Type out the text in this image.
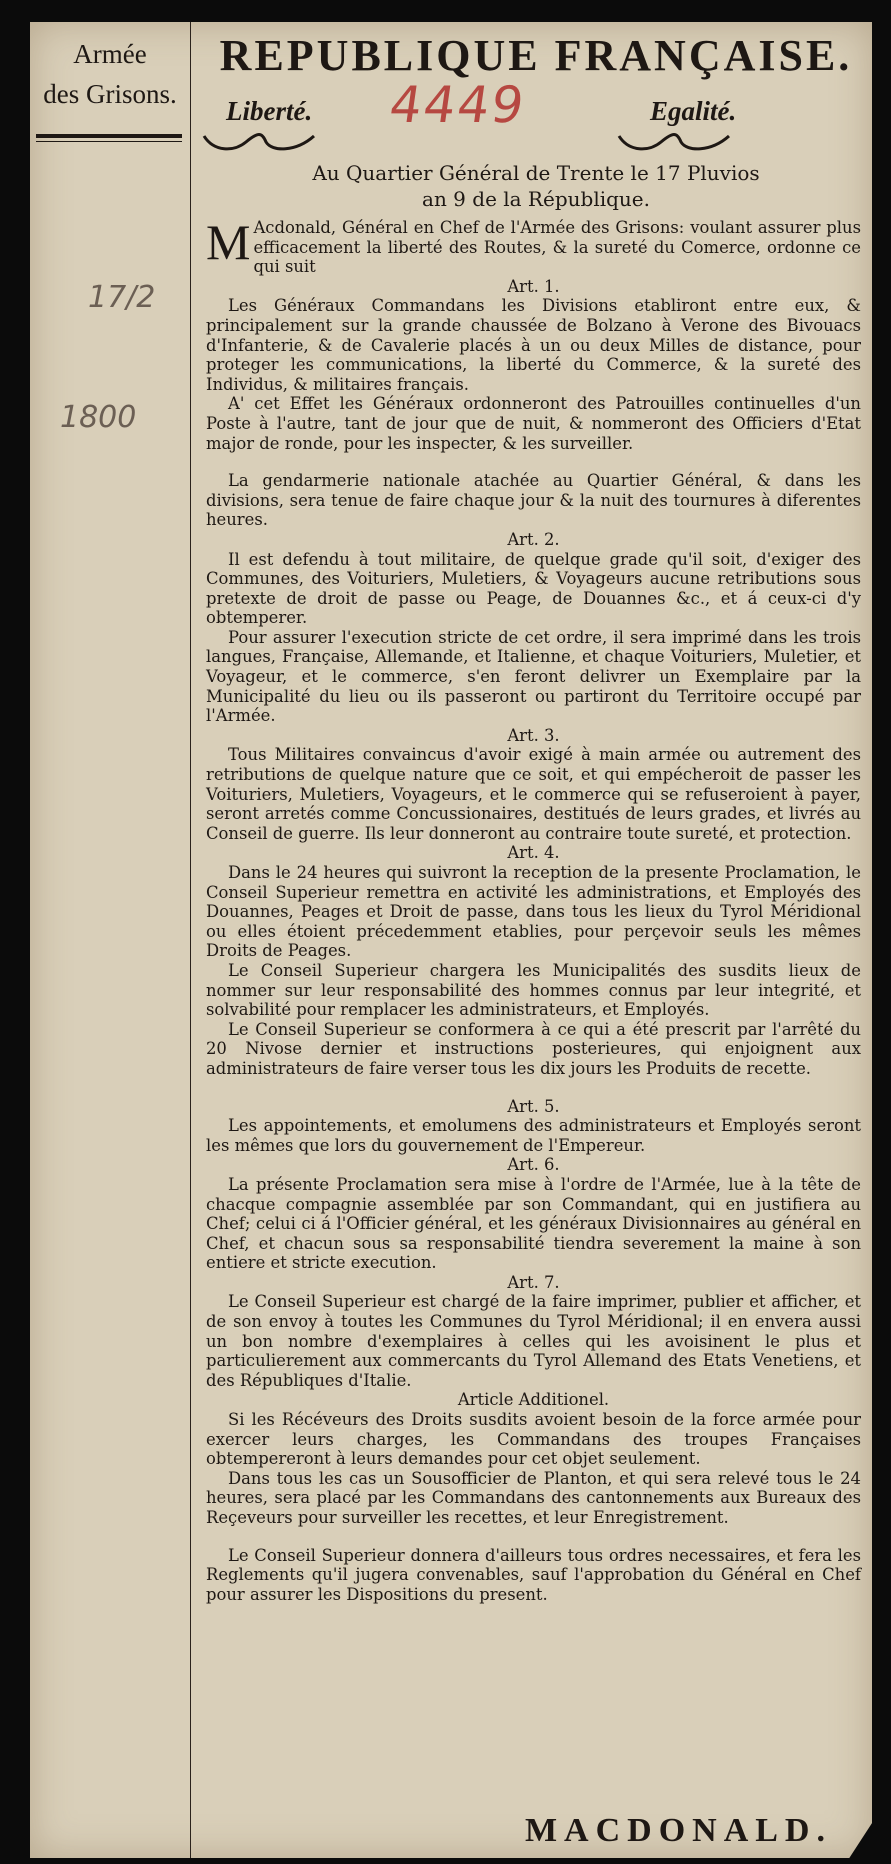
Armée
des Grisons.
17/2
1800
REPUBLIQUE FRANÇAISE.
Liberté.	Egalité.
4449
Au Quartier Général de Trente le 17 Pluvios
an 9 de la République.

M Acdonald, Général en Chef de l'Armée des Grisons: voulant assurer plus efficacement la liberté des Routes, & la sureté du Comerce, ordonne ce qui suit

Art. 1.

Les Généraux Commandans les Divisions etabliront entre eux, & principalement sur la grande chaussée de Bolzano à Verone des Bivouacs d'Infanterie, & de Cavalerie placés à un ou deux Milles de distance, pour proteger les communications, la liberté du Commerce, & la sureté des Individus, & militaires français.

A' cet Effet les Généraux ordonneront des Patrouilles continuelles d'un Poste à l'autre, tant de jour que de nuit, & nommeront des Officiers d'Etat major de ronde, pour les inspecter, & les surveiller.

La gendarmerie nationale atachée au Quartier Général, & dans les divisions, sera tenue de faire chaque jour & la nuit des tournures à diferentes heures.

Art. 2.

Il est defendu à tout militaire, de quelque grade qu'il soit, d'exiger des Communes, des Voituriers, Muletiers, & Voyageurs aucune retributions sous pretexte de droit de passe ou Peage, de Douannes &c., et á ceux-ci d'y obtemperer.

Pour assurer l'execution stricte de cet ordre, il sera imprimé dans les trois langues, Française, Allemande, et Italienne, et chaque Voituriers, Muletier, et Voyageur, et le commerce, s'en feront delivrer un Exemplaire par la Municipalité du lieu ou ils passeront ou partiront du Territoire occupé par l'Armée.

Art. 3.

Tous Militaires convaincus d'avoir exigé à main armée ou autrement des retributions de quelque nature que ce soit, et qui empécheroit de passer les Voituriers, Muletiers, Voyageurs, et le commerce qui se refuseroient à payer, seront arretés comme Concussionaires, destitués de leurs grades, et livrés au Conseil de guerre. Ils leur donneront au contraire toute sureté, et protection.

Art. 4.

Dans le 24 heures qui suivront la reception de la presente Proclamation, le Conseil Superieur remettra en activité les administrations, et Employés des Douannes, Peages et Droit de passe, dans tous les lieux du Tyrol Méridional ou elles étoient précedemment etablies, pour perçevoir seuls les mêmes Droits de Peages.

Le Conseil Superieur chargera les Municipalités des susdits lieux de nommer sur leur responsabilité des hommes connus par leur integrité, et solvabilité pour remplacer les administrateurs, et Employés.

Le Conseil Superieur se conformera à ce qui a été prescrit par l'arrêté du 20 Nivose dernier et instructions posterieures, qui enjoignent aux administrateurs de faire verser tous les dix jours les Produits de recette.

Art. 5.

Les appointements, et emolumens des administrateurs et Employés seront les mêmes que lors du gouvernement de l'Empereur.

Art. 6.

La présente Proclamation sera mise à l'ordre de l'Armée, lue à la tête de chacque compagnie assemblée par son Commandant, qui en justifiera au Chef; celui ci á l'Officier général, et les généraux Divisionnaires au général en Chef, et chacun sous sa responsabilité tiendra severement la maine à son entiere et stricte execution.

Art. 7.

Le Conseil Superieur est chargé de la faire imprimer, publier et afficher, et de son envoy à toutes les Communes du Tyrol Méridional; il en envera aussi un bon nombre d'exemplaires à celles qui les avoisinent le plus et particulierement aux commercants du Tyrol Allemand des Etats Venetiens, et des Républiques d'Italie.

Article Additionel.

Si les Récéveurs des Droits susdits avoient besoin de la force armée pour exercer leurs charges, les Commandans des troupes Françaises obtempereront à leurs demandes pour cet objet seulement.

Dans tous les cas un Sousofficier de Planton, et qui sera relevé tous le 24 heures, sera placé par les Commandans des cantonnements aux Bureaux des Reçeveurs pour surveiller les recettes, et leur Enregistrement.

Le Conseil Superieur donnera d'ailleurs tous ordres necessaires, et fera les Reglements qu'il jugera convenables, sauf l'approbation du Général en Chef pour assurer les Dispositions du present.

MACDONALD.
